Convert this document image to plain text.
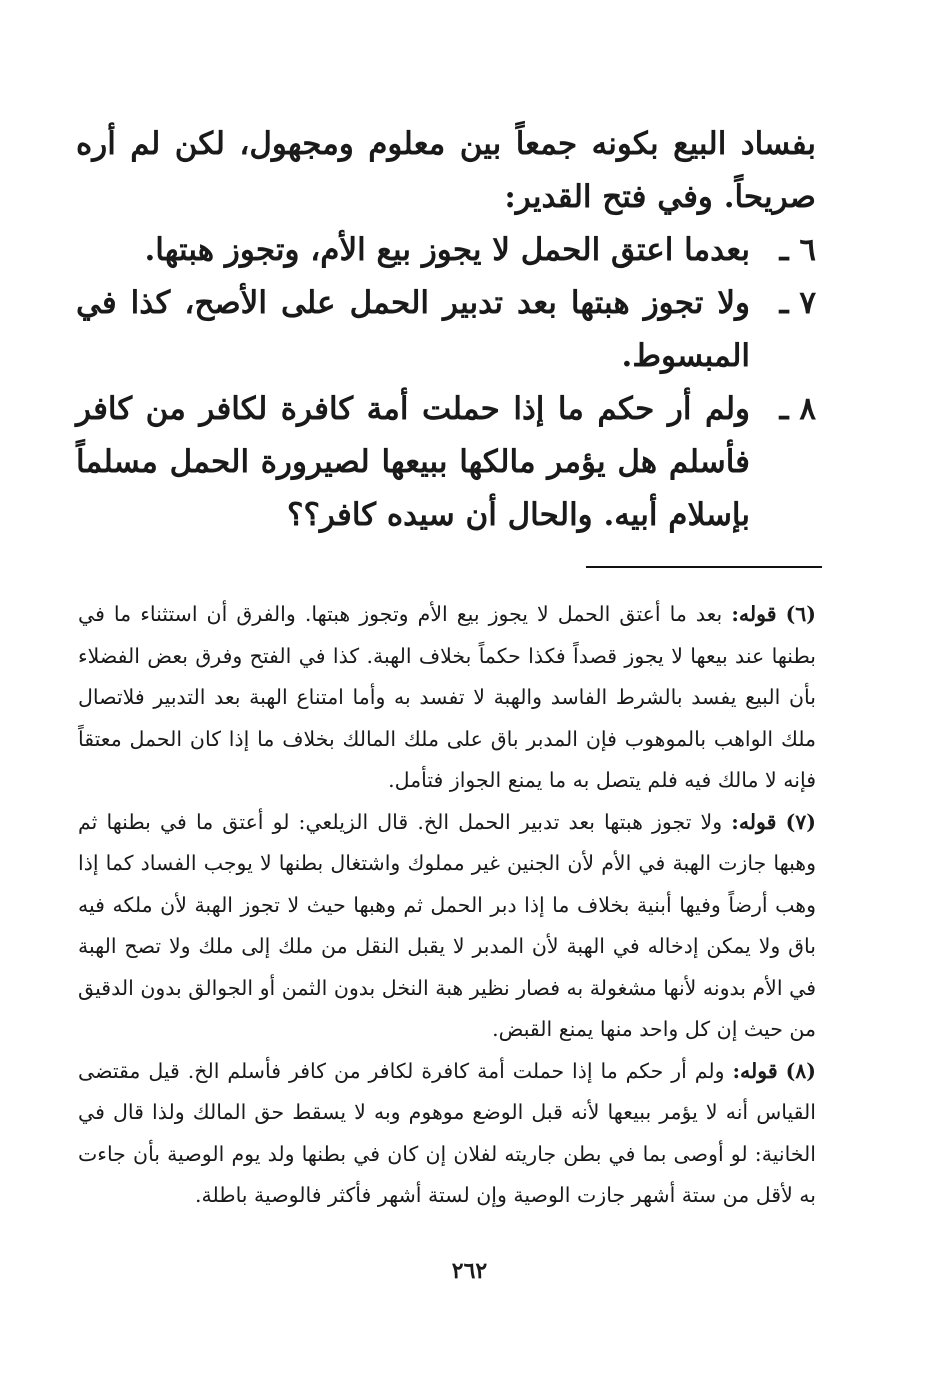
بفساد البيع بكونه جمعاً بين معلوم ومجهول، لكن لم أره صريحاً. وفي فتح القدير:

٦ ـ
بعدما اعتق الحمل لا يجوز بيع الأم، وتجوز هبتها.
٧ ـ
ولا تجوز هبتها بعد تدبير الحمل على الأصح، كذا في المبسوط.
٨ ـ
ولم أر حكم ما إذا حملت أمة كافرة لكافر من كافر فأسلم هل يؤمر مالكها ببيعها لصيرورة الحمل مسلماً بإسلام أبيه. والحال أن سيده كافر؟؟

(٦) قوله: بعد ما أعتق الحمل لا يجوز بيع الأم وتجوز هبتها. والفرق أن استثناء ما في بطنها عند بيعها لا يجوز قصداً فكذا حكماً بخلاف الهبة. كذا في الفتح وفرق بعض الفضلاء بأن البيع يفسد بالشرط الفاسد والهبة لا تفسد به وأما امتناع الهبة بعد التدبير فلاتصال ملك الواهب بالموهوب فإن المدبر باق على ملك المالك بخلاف ما إذا كان الحمل معتقاً فإنه لا مالك فيه فلم يتصل به ما يمنع الجواز فتأمل.

(٧) قوله: ولا تجوز هبتها بعد تدبير الحمل الخ. قال الزيلعي: لو أعتق ما في بطنها ثم وهبها جازت الهبة في الأم لأن الجنين غير مملوك واشتغال بطنها لا يوجب الفساد كما إذا وهب أرضاً وفيها أبنية بخلاف ما إذا دبر الحمل ثم وهبها حيث لا تجوز الهبة لأن ملكه فيه باق ولا يمكن إدخاله في الهبة لأن المدبر لا يقبل النقل من ملك إلى ملك ولا تصح الهبة في الأم بدونه لأنها مشغولة به فصار نظير هبة النخل بدون الثمن أو الجوالق بدون الدقيق من حيث إن كل واحد منها يمنع القبض.

(٨) قوله: ولم أر حكم ما إذا حملت أمة كافرة لكافر من كافر فأسلم الخ. قيل مقتضى القياس أنه لا يؤمر ببيعها لأنه قبل الوضع موهوم وبه لا يسقط حق المالك ولذا قال في الخانية: لو أوصى بما في بطن جاريته لفلان إن كان في بطنها ولد يوم الوصية بأن جاءت به لأقل من ستة أشهر جازت الوصية وإن لستة أشهر فأكثر فالوصية باطلة.

٢٦٢
